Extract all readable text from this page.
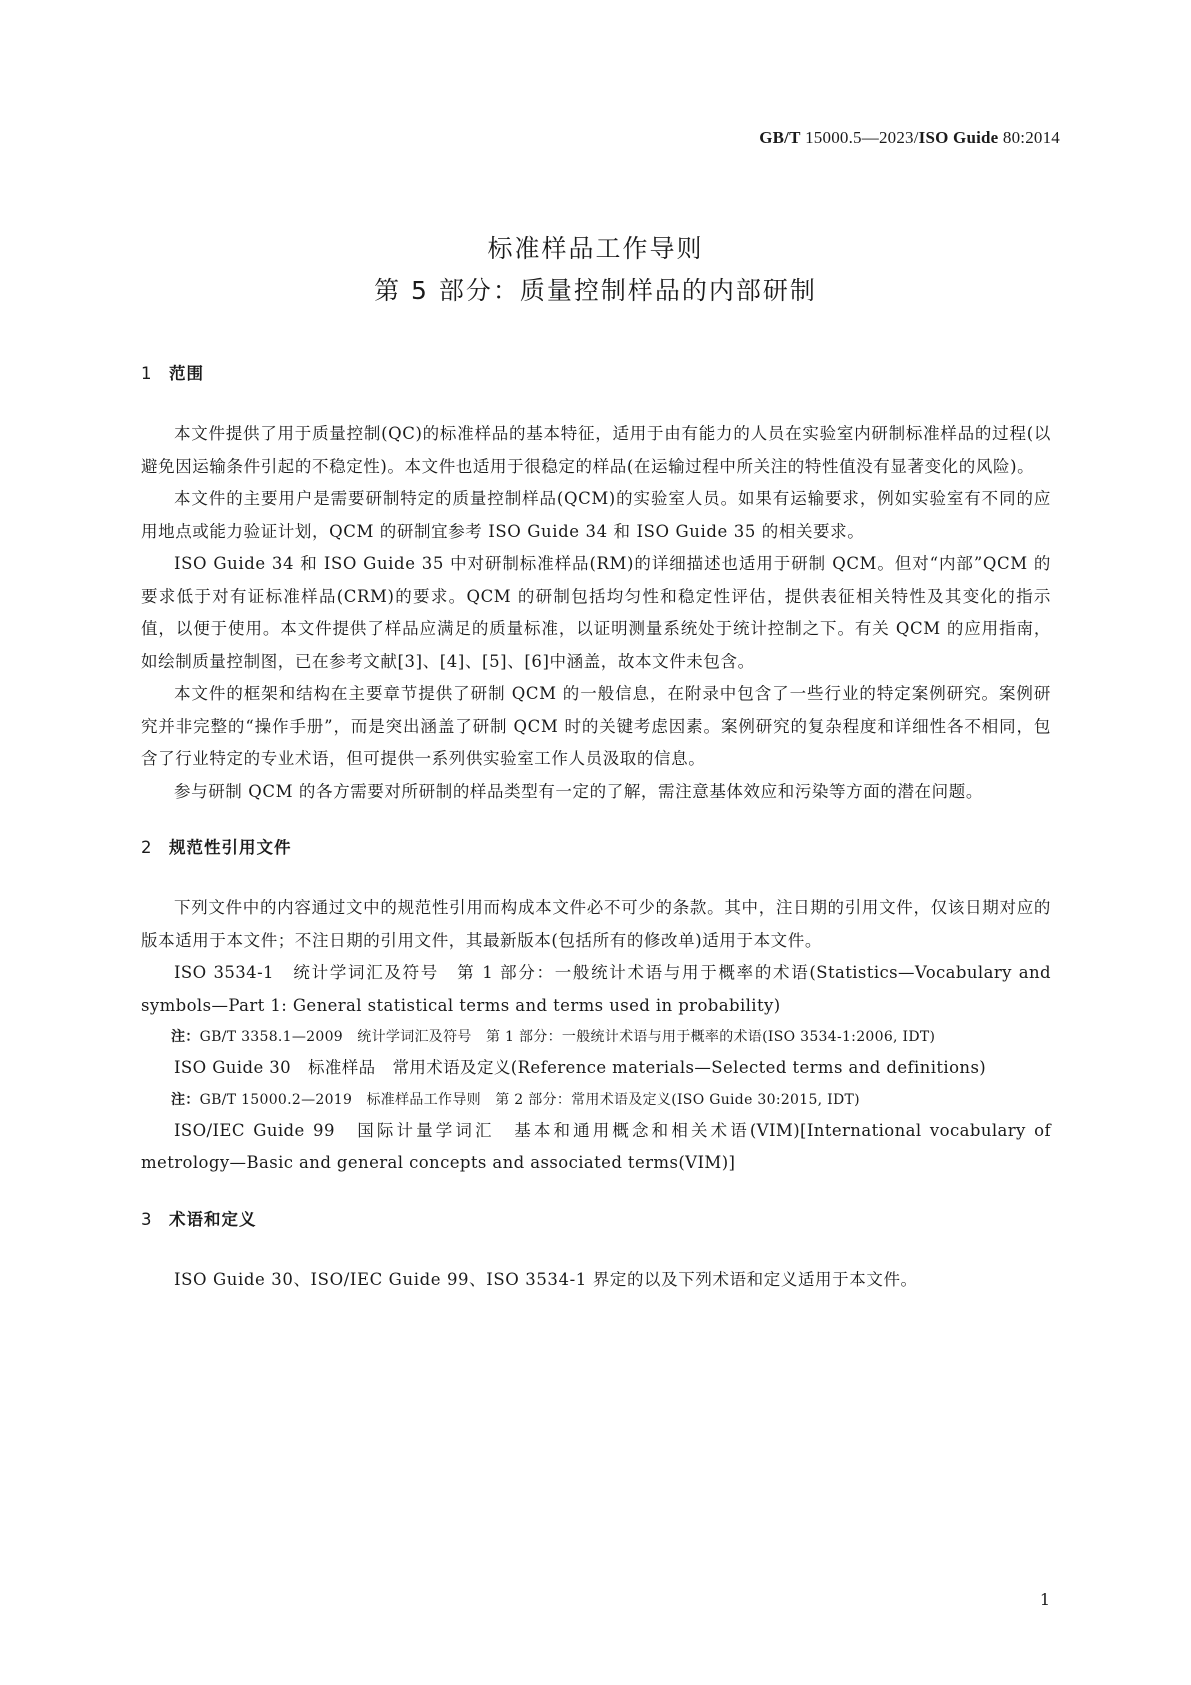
GB/T 15000.5—2023/ISO Guide 80:2014
标准样品工作导则
第 5 部分：质量控制样品的内部研制
1 范围

本文件提供了用于质量控制(QC)的标准样品的基本特征，适用于由有能力的人员在实验室内研制标准样品的过程(以避免因运输条件引起的不稳定性)。本文件也适用于很稳定的样品(在运输过程中所关注的特性值没有显著变化的风险)。

本文件的主要用户是需要研制特定的质量控制样品(QCM)的实验室人员。如果有运输要求，例如实验室有不同的应用地点或能力验证计划，QCM 的研制宜参考 ISO Guide 34 和 ISO Guide 35 的相关要求。

ISO Guide 34 和 ISO Guide 35 中对研制标准样品(RM)的详细描述也适用于研制 QCM。但对“内部”QCM 的要求低于对有证标准样品(CRM)的要求。QCM 的研制包括均匀性和稳定性评估，提供表征相关特性及其变化的指示值，以便于使用。本文件提供了样品应满足的质量标准，以证明测量系统处于统计控制之下。有关 QCM 的应用指南，如绘制质量控制图，已在参考文献[3]、[4]、[5]、[6]中涵盖，故本文件未包含。

本文件的框架和结构在主要章节提供了研制 QCM 的一般信息，在附录中包含了一些行业的特定案例研究。案例研究并非完整的“操作手册”，而是突出涵盖了研制 QCM 时的关键考虑因素。案例研究的复杂程度和详细性各不相同，包含了行业特定的专业术语，但可提供一系列供实验室工作人员汲取的信息。

参与研制 QCM 的各方需要对所研制的样品类型有一定的了解，需注意基体效应和污染等方面的潜在问题。

2 规范性引用文件

下列文件中的内容通过文中的规范性引用而构成本文件必不可少的条款。其中，注日期的引用文件，仅该日期对应的版本适用于本文件；不注日期的引用文件，其最新版本(包括所有的修改单)适用于本文件。

ISO 3534-1　统计学词汇及符号　第 1 部分：一般统计术语与用于概率的术语(Statistics—Vocabulary and symbols—Part 1: General statistical terms and terms used in probability)

注：GB/T 3358.1—2009　统计学词汇及符号　第 1 部分：一般统计术语与用于概率的术语(ISO 3534-1:2006, IDT)

ISO Guide 30　标准样品　常用术语及定义(Reference materials—Selected terms and definitions)

注：GB/T 15000.2—2019　标准样品工作导则　第 2 部分：常用术语及定义(ISO Guide 30:2015, IDT)

ISO/IEC Guide 99　国际计量学词汇　基本和通用概念和相关术语(VIM)[International vocabulary of metrology—Basic and general concepts and associated terms(VIM)]

3 术语和定义

ISO Guide 30、ISO/IEC Guide 99、ISO 3534-1 界定的以及下列术语和定义适用于本文件。

1
